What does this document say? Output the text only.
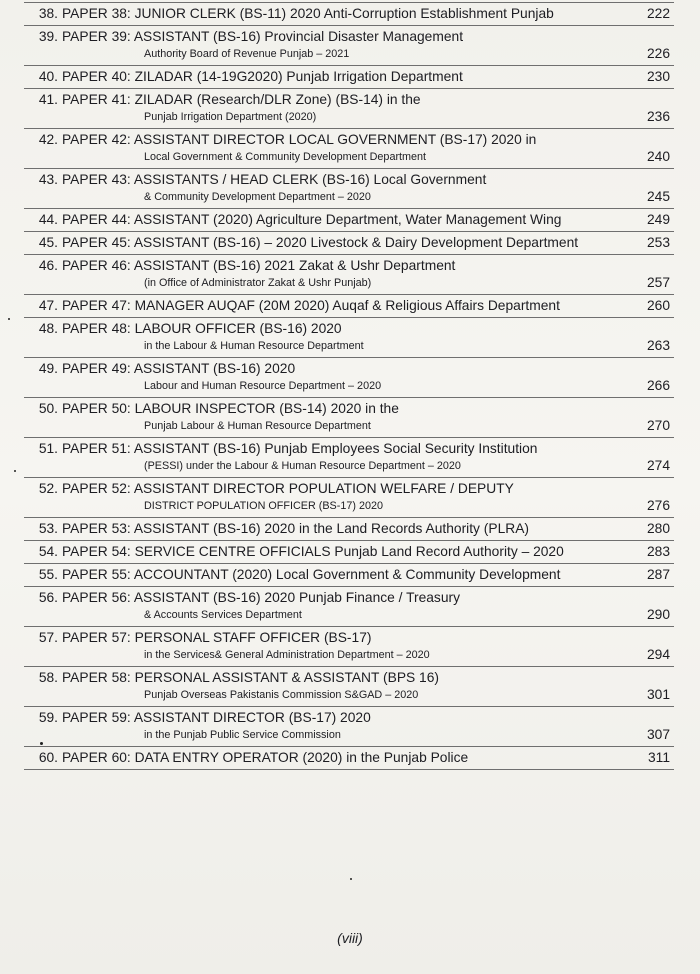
38. PAPER 38: JUNIOR CLERK (BS-11) 2020 Anti-Corruption Establishment Punjab	222
39. PAPER 39: ASSISTANT (BS-16) Provincial Disaster Management
Authority Board of Revenue Punjab – 2021	226
40. PAPER 40: ZILADAR (14-19G2020) Punjab Irrigation Department	230
41. PAPER 41: ZILADAR (Research/DLR Zone) (BS-14) in the
Punjab Irrigation Department (2020)	236
42. PAPER 42: ASSISTANT DIRECTOR LOCAL GOVERNMENT (BS-17) 2020 in
Local Government & Community Development Department	240
43. PAPER 43: ASSISTANTS / HEAD CLERK (BS-16) Local Government
& Community Development Department – 2020	245
44. PAPER 44: ASSISTANT (2020) Agriculture Department, Water Management Wing	249
45. PAPER 45: ASSISTANT (BS-16) – 2020 Livestock & Dairy Development Department	253
46. PAPER 46: ASSISTANT (BS-16) 2021 Zakat & Ushr Department
(in Office of Administrator Zakat & Ushr Punjab)	257
47. PAPER 47: MANAGER AUQAF (20M 2020) Auqaf & Religious Affairs Department	260
48. PAPER 48: LABOUR OFFICER (BS-16) 2020
in the Labour & Human Resource Department	263
49. PAPER 49: ASSISTANT (BS-16) 2020
Labour and Human Resource Department – 2020	266
50. PAPER 50: LABOUR INSPECTOR (BS-14) 2020 in the
Punjab Labour & Human Resource Department	270
51. PAPER 51: ASSISTANT (BS-16) Punjab Employees Social Security Institution
(PESSI) under the Labour & Human Resource Department – 2020	274
52. PAPER 52: ASSISTANT DIRECTOR POPULATION WELFARE / DEPUTY
DISTRICT POPULATION OFFICER (BS-17) 2020	276
53. PAPER 53: ASSISTANT (BS-16) 2020 in the Land Records Authority (PLRA)	280
54. PAPER 54: SERVICE CENTRE OFFICIALS Punjab Land Record Authority – 2020	283
55. PAPER 55: ACCOUNTANT (2020) Local Government & Community Development	287
56. PAPER 56: ASSISTANT (BS-16) 2020 Punjab Finance / Treasury
& Accounts Services Department	290
57. PAPER 57: PERSONAL STAFF OFFICER (BS-17)
in the Services& General Administration Department – 2020	294
58. PAPER 58: PERSONAL ASSISTANT & ASSISTANT (BPS 16)
Punjab Overseas Pakistanis Commission S&GAD – 2020	301
59. PAPER 59: ASSISTANT DIRECTOR (BS-17) 2020
in the Punjab Public Service Commission	307
60. PAPER 60: DATA ENTRY OPERATOR (2020) in the Punjab Police	311
(viii)
